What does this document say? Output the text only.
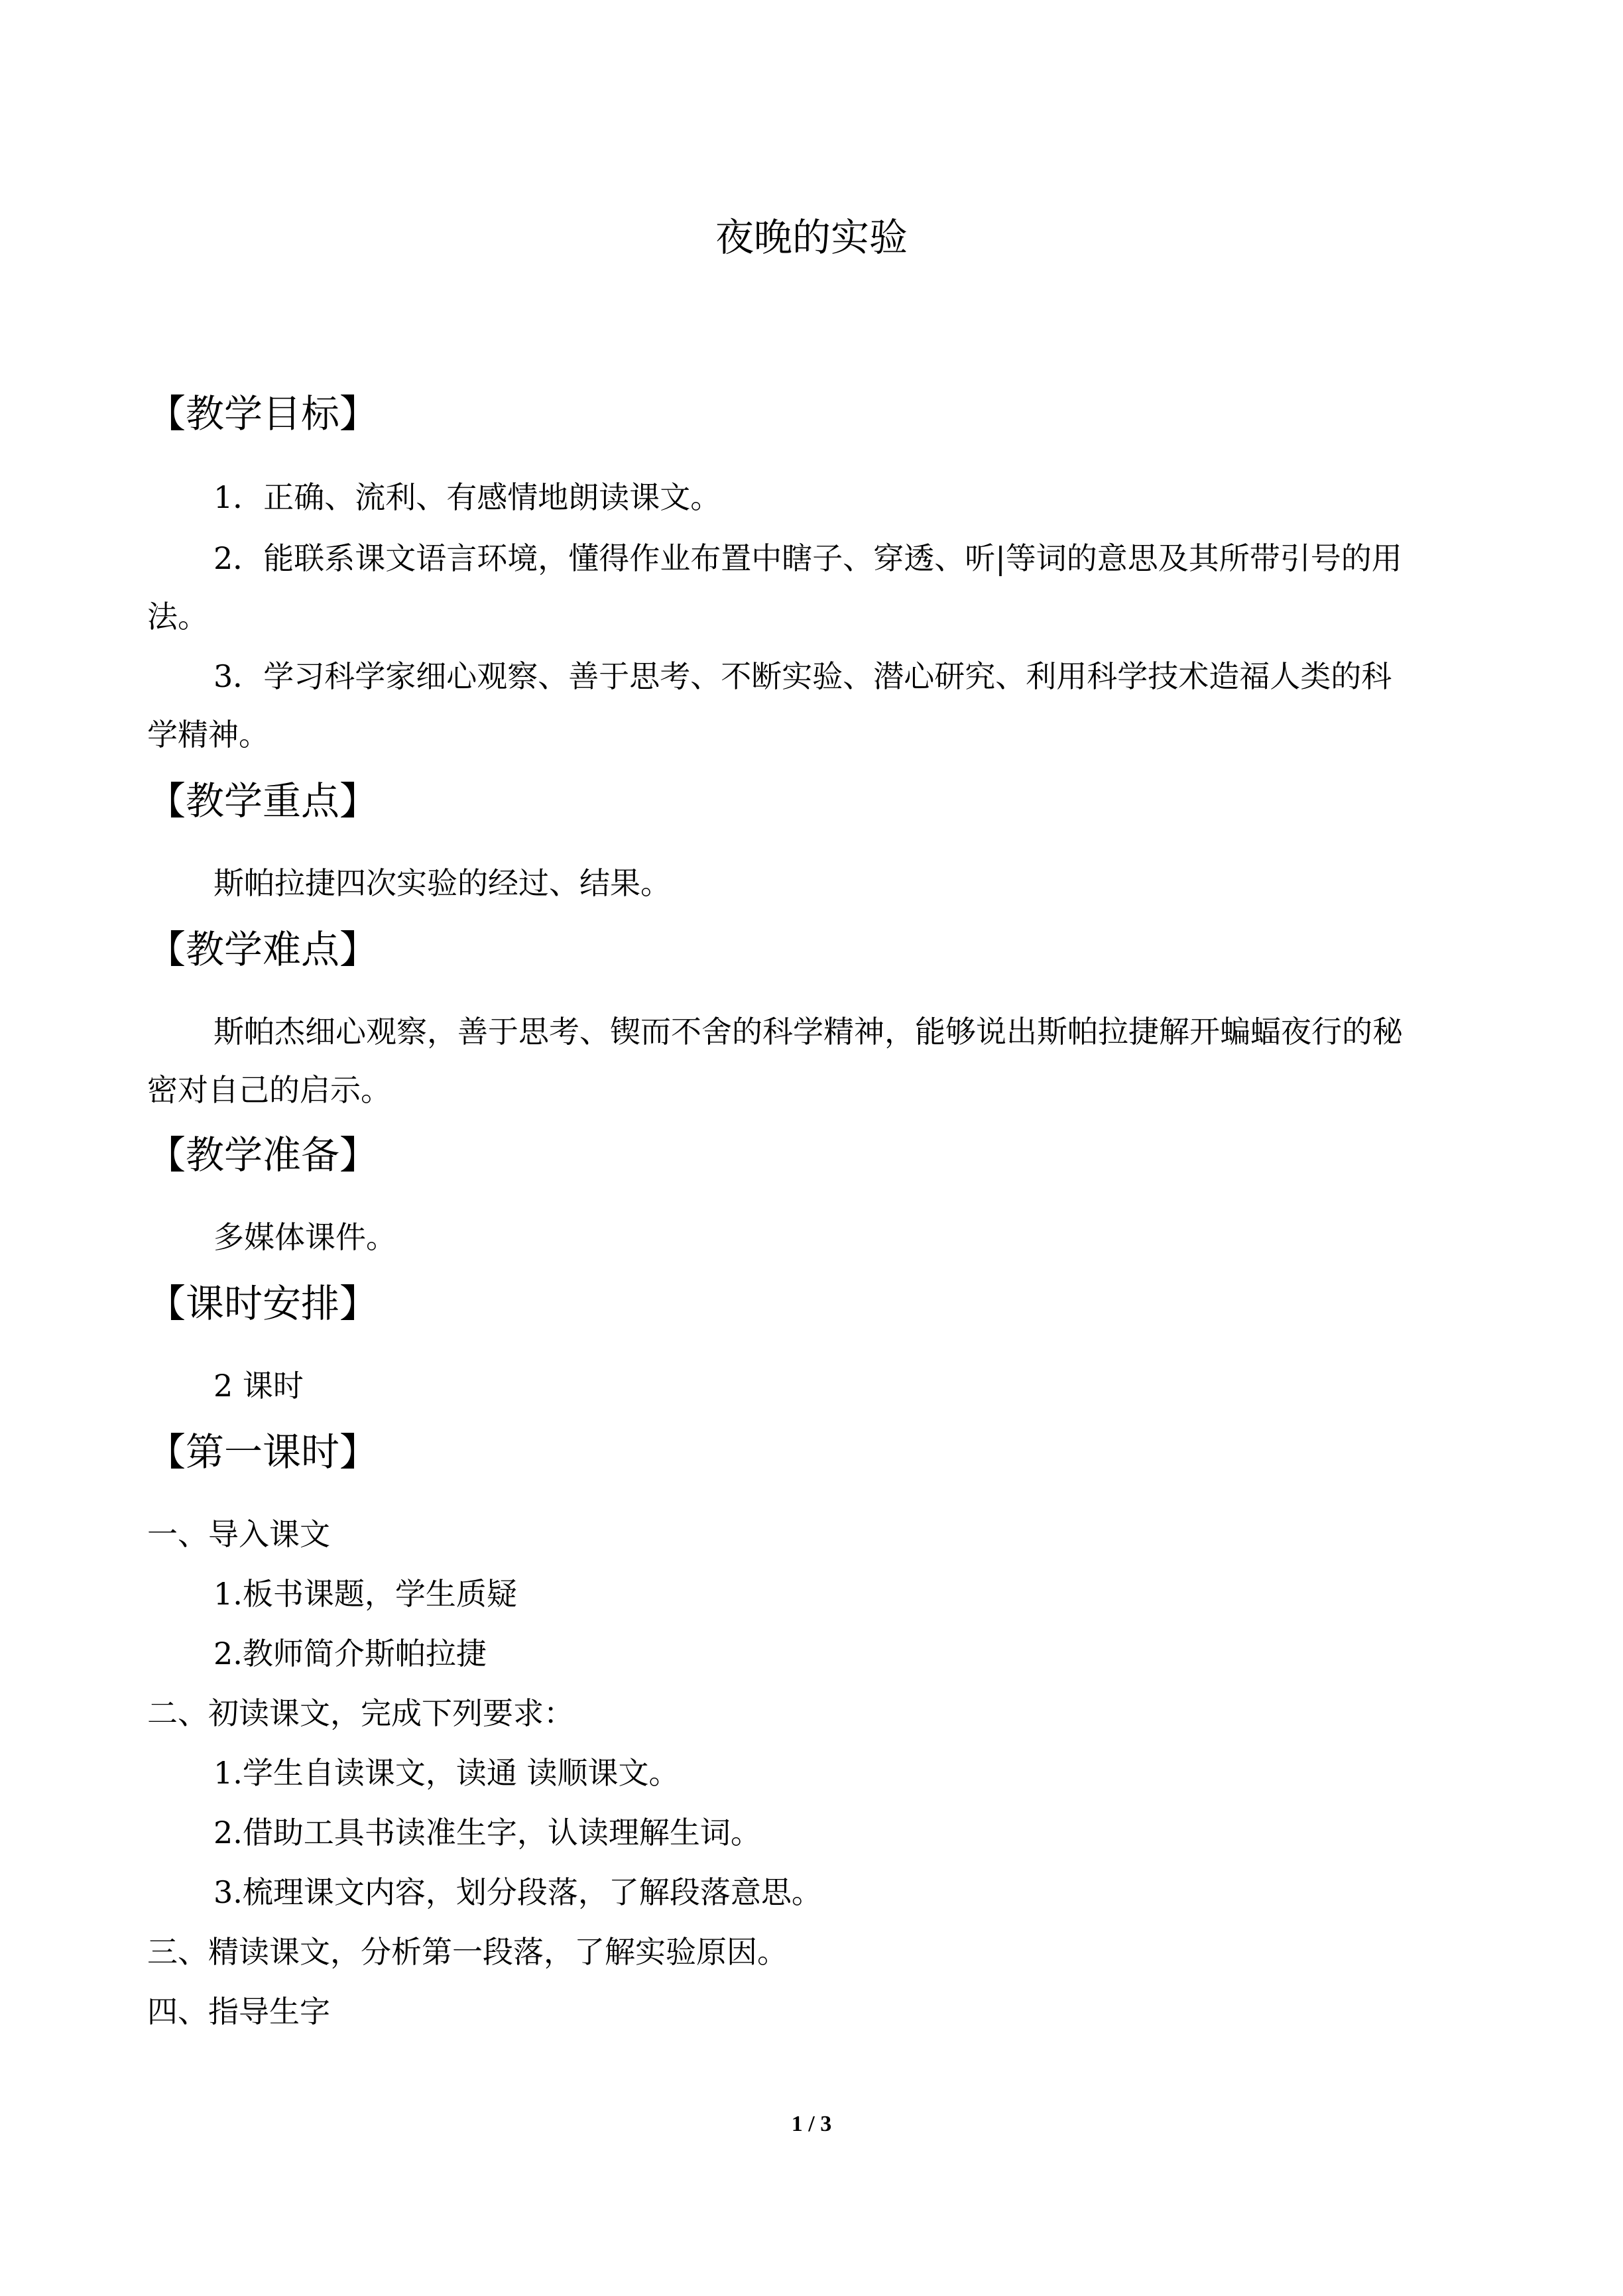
夜晚的实验
【教学目标】
1．正确、流利、有感情地朗读课文。
2．能联系课文语言环境，懂得作业布置中瞎子、穿透、听|等词的意思及其所带引号的用
法。
3．学习科学家细心观察、善于思考、不断实验、潜心研究、利用科学技术造福人类的科
学精神。
【教学重点】
斯帕拉捷四次实验的经过、结果。
【教学难点】
斯帕杰细心观察，善于思考、锲而不舍的科学精神，能够说出斯帕拉捷解开蝙蝠夜行的秘
密对自己的启示。
【教学准备】
多媒体课件。
【课时安排】
2 课时
【第一课时】
一、导入课文
1.板书课题，学生质疑
2.教师简介斯帕拉捷
二、初读课文，完成下列要求：
1.学生自读课文，读通 读顺课文。
2.借助工具书读准生字，认读理解生词。
3.梳理课文内容，划分段落，了解段落意思。
三、精读课文，分析第一段落，了解实验原因。
四、指导生字
1 / 3
